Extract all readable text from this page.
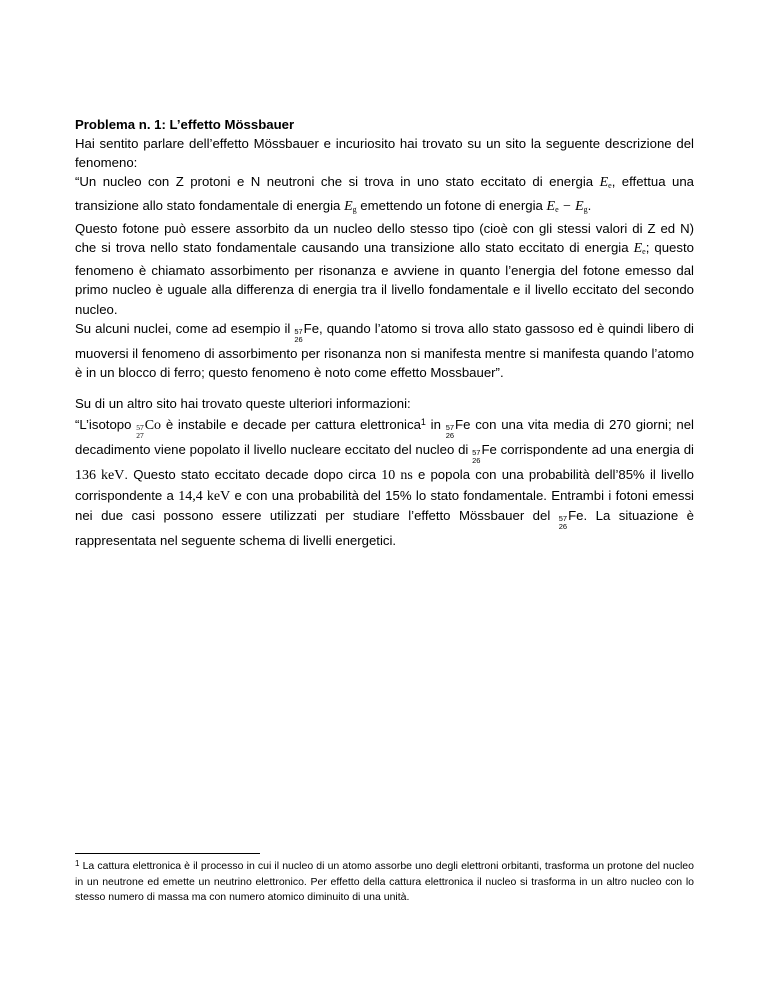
Problema n. 1: L’effetto Mössbauer

Hai sentito parlare dell’effetto Mössbauer e incuriosito hai trovato su un sito la seguente descrizione del fenomeno:

“Un nucleo con Z protoni e N neutroni che si trova in uno stato eccitato di energia $E_e$, effettua una transizione allo stato fondamentale di energia $E_g$ emettendo un fotone di energia $E_e - E_g$.

Questo fotone può essere assorbito da un nucleo dello stesso tipo (cioè con gli stessi valori di Z ed N) che si trova nello stato fondamentale causando una transizione allo stato eccitato di energia $E_e$; questo fenomeno è chiamato assorbimento per risonanza e avviene in quanto l’energia del fotone emesso dal primo nucleo è uguale alla differenza di energia tra il livello fondamentale e il livello eccitato del secondo nucleo.

Su alcuni nuclei, come ad esempio il 57
26
Fe, quando l’atomo si trova allo stato gassoso ed è quindi libero di muoversi il fenomeno di assorbimento per risonanza non si manifesta mentre si manifesta quando l’atomo è in un blocco di ferro; questo fenomeno è noto come effetto Mossbauer”.

Su di un altro sito hai trovato queste ulteriori informazioni:

“L’isotopo 57
27
Co è instabile e decade per cattura elettronica$^1$ in 57
26
Fe con una vita media di 270 giorni; nel decadimento viene popolato il livello nucleare eccitato del nucleo di 57
26
Fe corrispondente ad una energia di 136 keV. Questo stato eccitato decade dopo circa 10 ns e popola con una probabilità dell’85% il livello corrispondente a 14,4 keV e con una probabilità del 15% lo stato fondamentale. Entrambi i fotoni emessi nei due casi possono essere utilizzati per studiare l’effetto Mössbauer del 57
26
Fe. La situazione è rappresentata nel seguente schema di livelli energetici.

$^1$ La cattura elettronica è il processo in cui il nucleo di un atomo assorbe uno degli elettroni orbitanti, trasforma un protone del nucleo in un neutrone ed emette un neutrino elettronico. Per effetto della cattura elettronica il nucleo si trasforma in un altro nucleo con lo stesso numero di massa ma con numero atomico diminuito di una unità.
